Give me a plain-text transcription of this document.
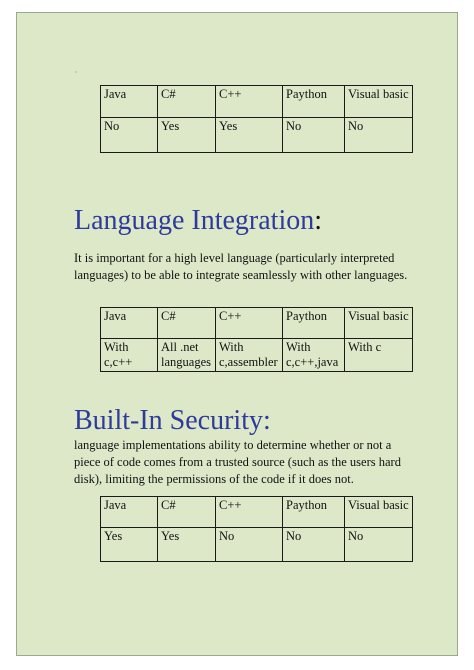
Java	C#	C++	Paython	Visual basic
No	Yes	Yes	No	No
Language Integration:
It is important for a high level language (particularly interpreted languages) to be able to integrate seamlessly with other languages.
Java	C#	C++	Paython	Visual basic
With c,c++	All .net languages	With c,assembler	With c,c++,java	With c
Built-In Security:
language implementations ability to determine whether or not a piece of code comes from a trusted source (such as the users hard disk), limiting the permissions of the code if it does not.
Java	C#	C++	Paython	Visual basic
Yes	Yes	No	No	No
